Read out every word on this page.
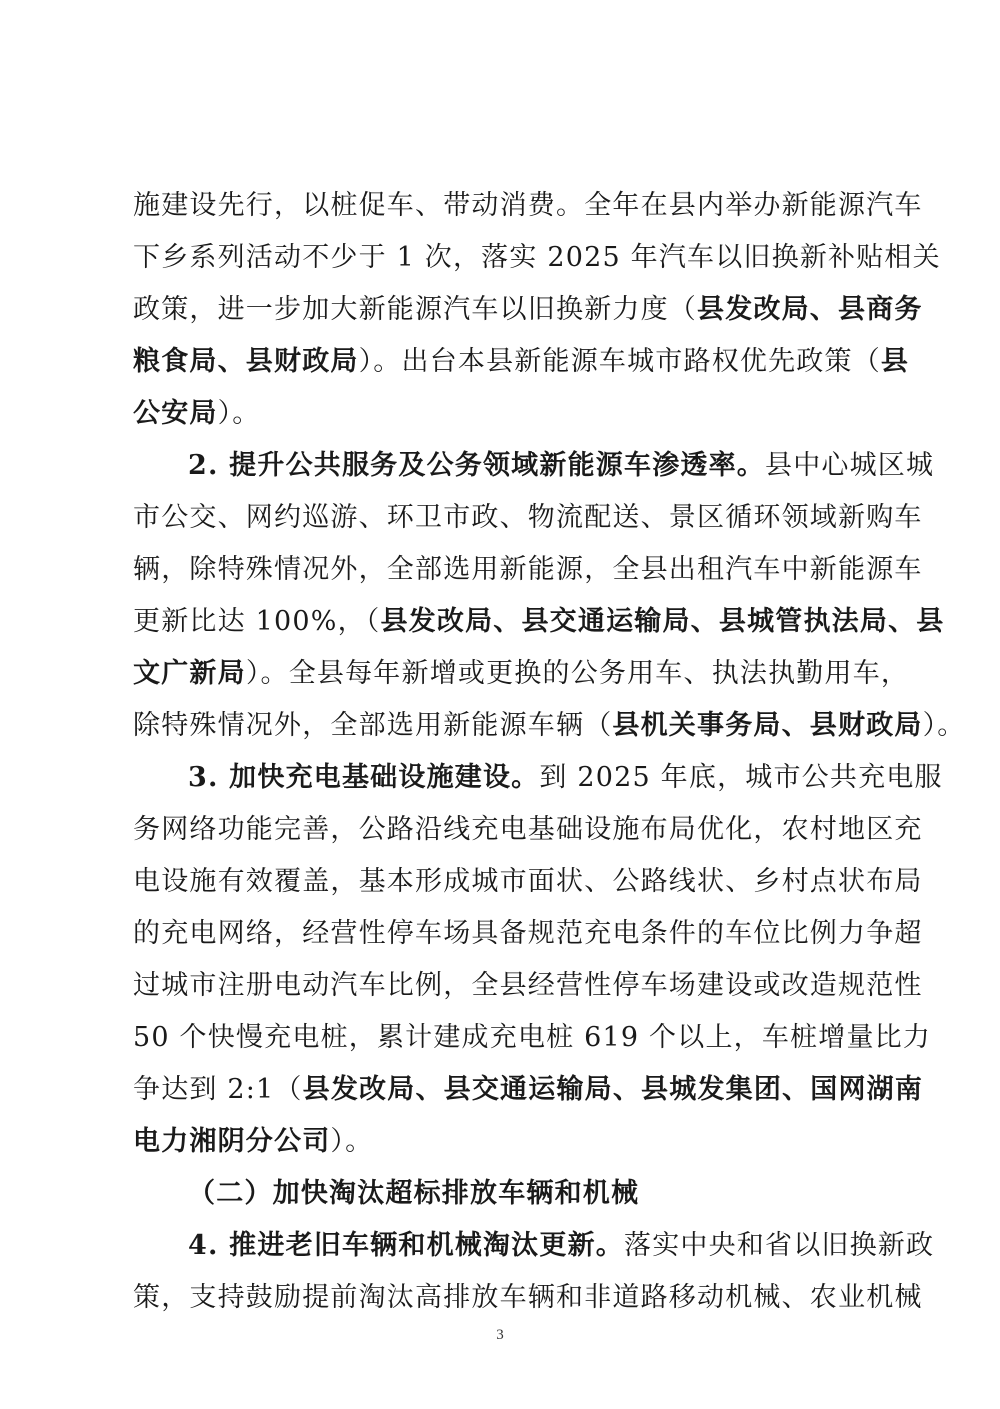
施建设先行，以桩促车、带动消费。全年在县内举办新能源汽车
下乡系列活动不少于 1 次，落实 2025 年汽车以旧换新补贴相关
政策，进一步加大新能源汽车以旧换新力度（县发改局、县商务
粮食局、县财政局）。出台本县新能源车城市路权优先政策（县
公安局）。
2. 提升公共服务及公务领域新能源车渗透率。县中心城区城
市公交、网约巡游、环卫市政、物流配送、景区循环领域新购车
辆，除特殊情况外，全部选用新能源，全县出租汽车中新能源车
更新比达 100%，（县发改局、县交通运输局、县城管执法局、县
文广新局）。全县每年新增或更换的公务用车、执法执勤用车，
除特殊情况外，全部选用新能源车辆（县机关事务局、县财政局）。
3. 加快充电基础设施建设。到 2025 年底，城市公共充电服
务网络功能完善，公路沿线充电基础设施布局优化，农村地区充
电设施有效覆盖，基本形成城市面状、公路线状、乡村点状布局
的充电网络，经营性停车场具备规范充电条件的车位比例力争超
过城市注册电动汽车比例，全县经营性停车场建设或改造规范性
50 个快慢充电桩，累计建成充电桩 619 个以上，车桩增量比力
争达到 2:1（县发改局、县交通运输局、县城发集团、国网湖南
电力湘阴分公司）。
（二）加快淘汰超标排放车辆和机械
4. 推进老旧车辆和机械淘汰更新。落实中央和省以旧换新政
策，支持鼓励提前淘汰高排放车辆和非道路移动机械、农业机械
3
